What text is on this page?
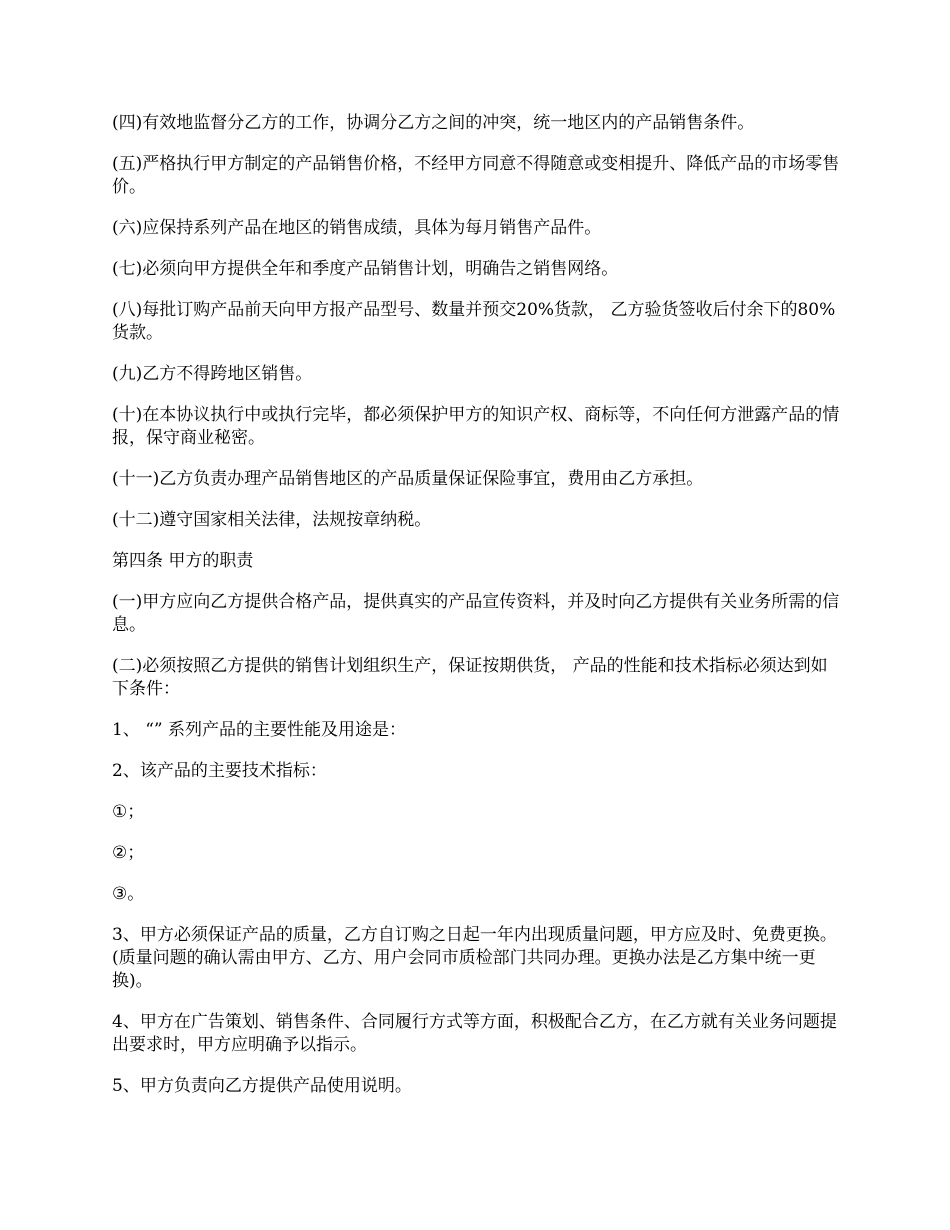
(四)有效地监督分乙方的工作，协调分乙方之间的冲突，统一地区内的产品销售条件。

(五)严格执行甲方制定的产品销售价格，不经甲方同意不得随意或变相提升、降低产品的市场零售价。

(六)应保持系列产品在地区的销售成绩，具体为每月销售产品件。

(七)必须向甲方提供全年和季度产品销售计划，明确告之销售网络。

(八)每批订购产品前天向甲方报产品型号、数量并预交20%货款， 乙方验货签收后付余下的80%货款。

(九)乙方不得跨地区销售。

(十)在本协议执行中或执行完毕，都必须保护甲方的知识产权、商标等，不向任何方泄露产品的情报，保守商业秘密。

(十一)乙方负责办理产品销售地区的产品质量保证保险事宜，费用由乙方承担。

(十二)遵守国家相关法律，法规按章纳税。

第四条 甲方的职责

(一)甲方应向乙方提供合格产品，提供真实的产品宣传资料，并及时向乙方提供有关业务所需的信息。

(二)必须按照乙方提供的销售计划组织生产，保证按期供货， 产品的性能和技术指标必须达到如下条件：

1、 “” 系列产品的主要性能及用途是：

2、该产品的主要技术指标：

①；

②；

③。

3、甲方必须保证产品的质量，乙方自订购之日起一年内出现质量问题，甲方应及时、免费更换。(质量问题的确认需由甲方、乙方、用户会同市质检部门共同办理。更换办法是乙方集中统一更换)。

4、甲方在广告策划、销售条件、合同履行方式等方面，积极配合乙方，在乙方就有关业务问题提出要求时，甲方应明确予以指示。

5、甲方负责向乙方提供产品使用说明。
